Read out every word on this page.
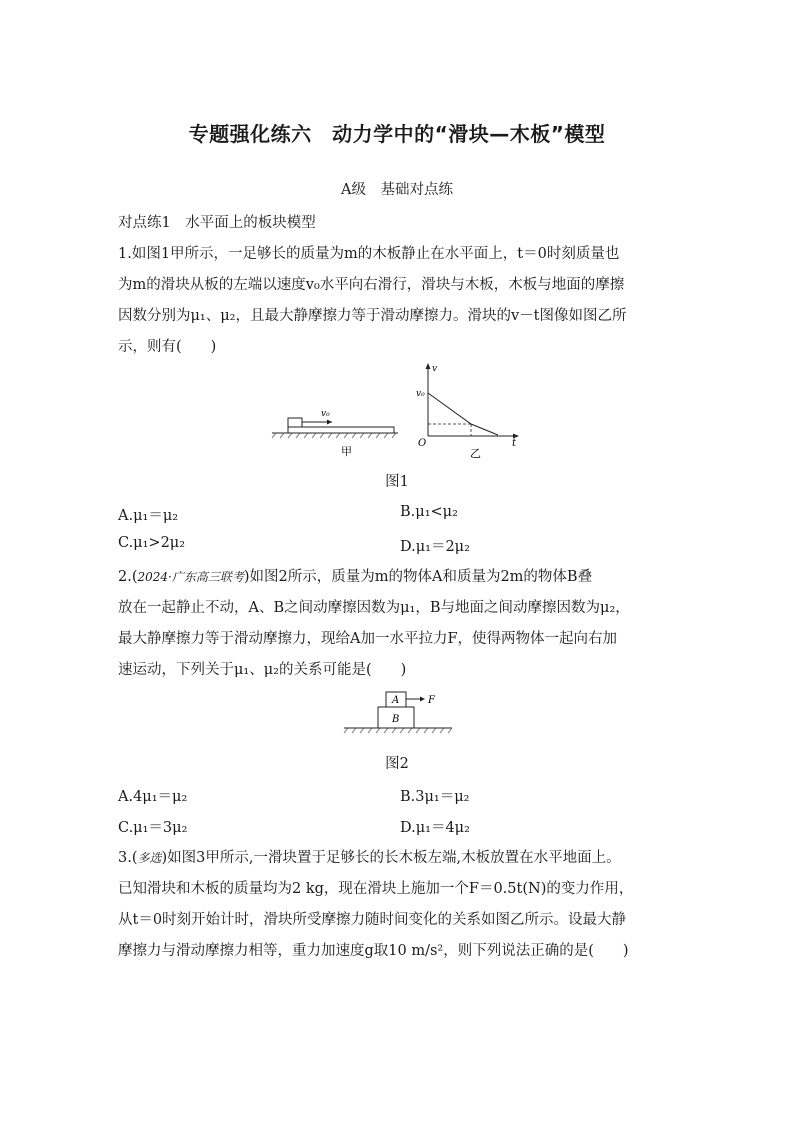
专题强化练六　动力学中的“滑块—木板”模型
A级　基础对点练
对点练1　水平面上的板块模型
1.如图1甲所示，一足够长的质量为m的木板静止在水平面上，t＝0时刻质量也
为m的滑块从板的左端以速度v₀水平向右滑行，滑块与木板，木板与地面的摩擦
因数分别为μ₁、μ₂，且最大静摩擦力等于滑动摩擦力。滑块的v－t图像如图乙所
示，则有(　　)
v₀
甲
v
v₀
O	t
乙
图1
A.μ₁＝μ₂	B.μ₁<μ₂
C.μ₁>2μ₂	D.μ₁＝2μ₂
2.(2024·广东高三联考)如图2所示，质量为m的物体A和质量为2m的物体B叠
放在一起静止不动，A、B之间动摩擦因数为μ₁，B与地面之间动摩擦因数为μ₂，
最大静摩擦力等于滑动摩擦力，现给A加一水平拉力F，使得两物体一起向右加
速运动，下列关于μ₁、μ₂的关系可能是(　　)
A
B
F
图2
A.4μ₁＝μ₂	B.3μ₁＝μ₂
C.μ₁＝3μ₂	D.μ₁＝4μ₂
3.(多选)如图3甲所示,一滑块置于足够长的长木板左端,木板放置在水平地面上。
已知滑块和木板的质量均为2 kg，现在滑块上施加一个F＝0.5t(N)的变力作用，
从t＝0时刻开始计时，滑块所受摩擦力随时间变化的关系如图乙所示。设最大静
摩擦力与滑动摩擦力相等，重力加速度g取10 m/s²，则下列说法正确的是(　　)
